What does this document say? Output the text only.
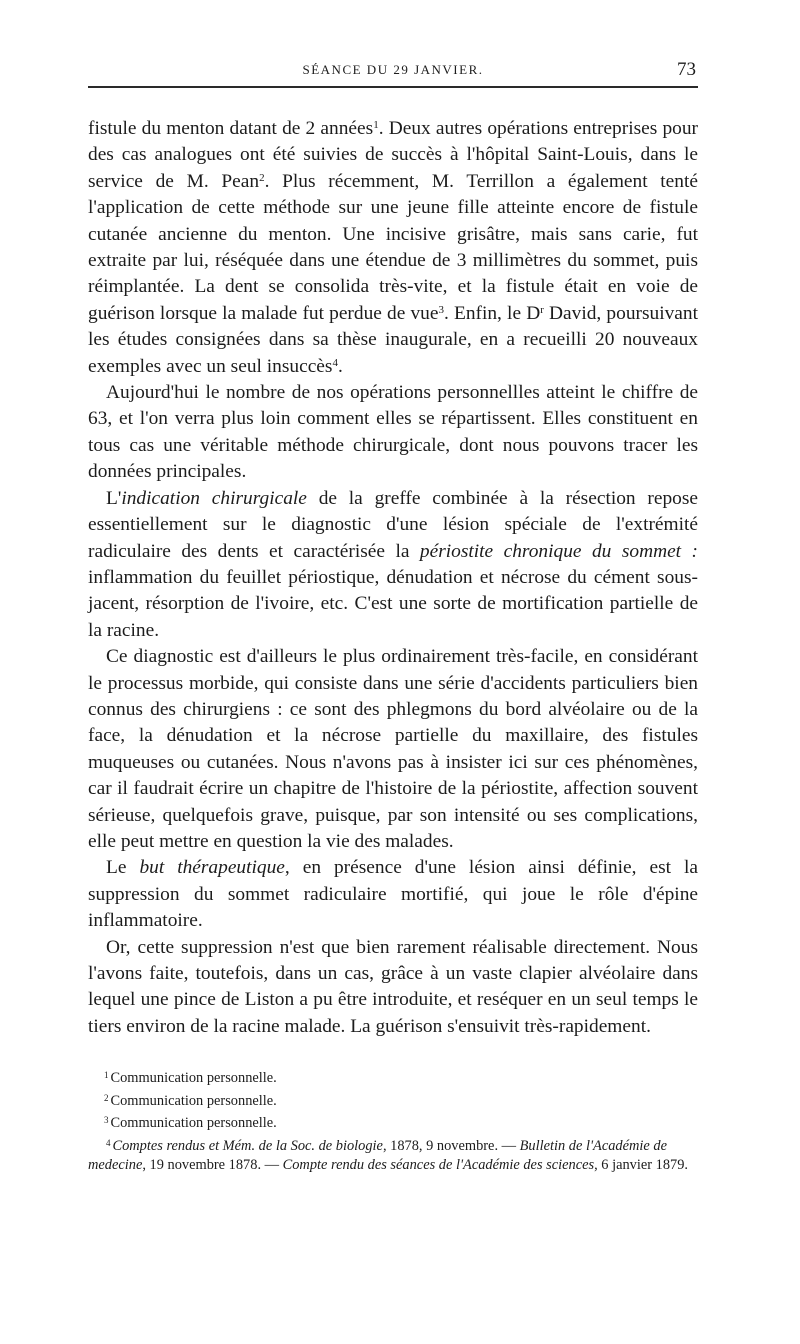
SÉANCE DU 29 JANVIER.	73

fistule du menton datant de 2 années$^1$. Deux autres opérations entreprises pour des cas analogues ont été suivies de succès à l'hôpital Saint-Louis, dans le service de M. Pean$^2$. Plus récemment, M. Terrillon a également tenté l'application de cette méthode sur une jeune fille atteinte encore de fistule cutanée ancienne du menton. Une incisive grisâtre, mais sans carie, fut extraite par lui, réséquée dans une étendue de 3 millimètres du sommet, puis réimplantée. La dent se consolida très-vite, et la fistule était en voie de guérison lorsque la malade fut perdue de vue$^3$. Enfin, le $D^r$ David, poursuivant les études consignées dans sa thèse inaugurale, en a recueilli 20 nouveaux exemples avec un seul insuccès$^4$.

Aujourd'hui le nombre de nos opérations personnellles atteint le chiffre de 63, et l'on verra plus loin comment elles se répartissent. Elles constituent en tous cas une véritable méthode chirurgicale, dont nous pouvons tracer les données principales.

L'indication chirurgicale de la greffe combinée à la résection repose essentiellement sur le diagnostic d'une lésion spéciale de l'extrémité radiculaire des dents et caractérisée la périostite chronique du sommet : inflammation du feuillet périostique, dénudation et nécrose du cément sous-jacent, résorption de l'ivoire, etc. C'est une sorte de mortification partielle de la racine.

Ce diagnostic est d'ailleurs le plus ordinairement très-facile, en considérant le processus morbide, qui consiste dans une série d'accidents particuliers bien connus des chirurgiens : ce sont des phlegmons du bord alvéolaire ou de la face, la dénudation et la nécrose partielle du maxillaire, des fistules muqueuses ou cutanées. Nous n'avons pas à insister ici sur ces phénomènes, car il faudrait écrire un chapitre de l'histoire de la périostite, affection souvent sérieuse, quelquefois grave, puisque, par son intensité ou ses complications, elle peut mettre en question la vie des malades.

Le but thérapeutique, en présence d'une lésion ainsi définie, est la suppression du sommet radiculaire mortifié, qui joue le rôle d'épine inflammatoire.

Or, cette suppression n'est que bien rarement réalisable directement. Nous l'avons faite, toutefois, dans un cas, grâce à un vaste clapier alvéolaire dans lequel une pince de Liston a pu être introduite, et reséquer en un seul temps le tiers environ de la racine malade. La guérison s'ensuivit très-rapidement.

$^1$ Communication personnelle.

$^2$ Communication personnelle.

$^3$ Communication personnelle.

$^4$ Comptes rendus et Mém. de la Soc. de biologie, 1878, 9 novembre. — Bulletin de l'Académie de medecine, 19 novembre 1878. — Compte rendu des séances de l'Académie des sciences, 6 janvier 1879.
